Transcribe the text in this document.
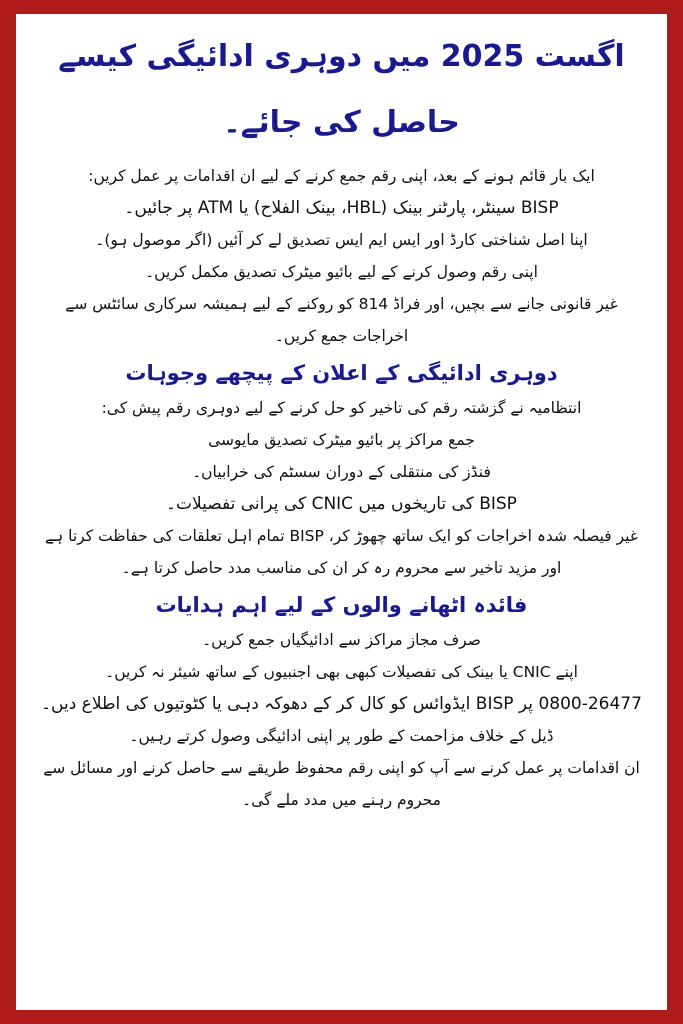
اگست 2025 میں دوہری ادائیگی کیسے حاصل کی جائے۔

ایک بار قائم ہونے کے بعد، اپنی رقم جمع کرنے کے لیے ان اقدامات پر عمل کریں:

BISP سینٹر، پارٹنر بینک (HBL، بینک الفلاح) یا ATM پر جائیں۔

اپنا اصل شناختی کارڈ اور ایس ایم ایس تصدیق لے کر آئیں (اگر موصول ہو)۔

اپنی رقم وصول کرنے کے لیے بائیو میٹرک تصدیق مکمل کریں۔

غیر قانونی جانے سے بچیں، اور فراڈ 814 کو روکنے کے لیے ہمیشہ سرکاری سائٹس سے

اخراجات جمع کریں۔

دوہری ادائیگی کے اعلان کے پیچھے وجوہات

انتظامیہ نے گزشتہ رقم کی تاخیر کو حل کرنے کے لیے دوہری رقم پیش کی:

جمع مراکز پر بائیو میٹرک تصدیق مایوسی

فنڈز کی منتقلی کے دوران سسٹم کی خرابیاں۔

BISP کی تاریخوں میں CNIC کی پرانی تفصیلات۔

غیر فیصلہ شدہ اخراجات کو ایک ساتھ چھوڑ کر، BISP تمام اہل تعلقات کی حفاظت کرتا ہے

اور مزید تاخیر سے محروم رہ کر ان کی مناسب مدد حاصل کرتا ہے۔

فائدہ اٹھانے والوں کے لیے اہم ہدایات

صرف مجاز مراکز سے ادائیگیاں جمع کریں۔

اپنے CNIC یا بینک کی تفصیلات کبھی بھی اجنبیوں کے ساتھ شیئر نہ کریں۔

0800-26477 پر BISP ایڈوائس کو کال کر کے دھوکہ دہی یا کٹوتیوں کی اطلاع دیں۔

ڈیل کے خلاف مزاحمت کے طور پر اپنی ادائیگی وصول کرتے رہیں۔

ان اقدامات پر عمل کرنے سے آپ کو اپنی رقم محفوظ طریقے سے حاصل کرنے اور مسائل سے

محروم رہنے میں مدد ملے گی۔
